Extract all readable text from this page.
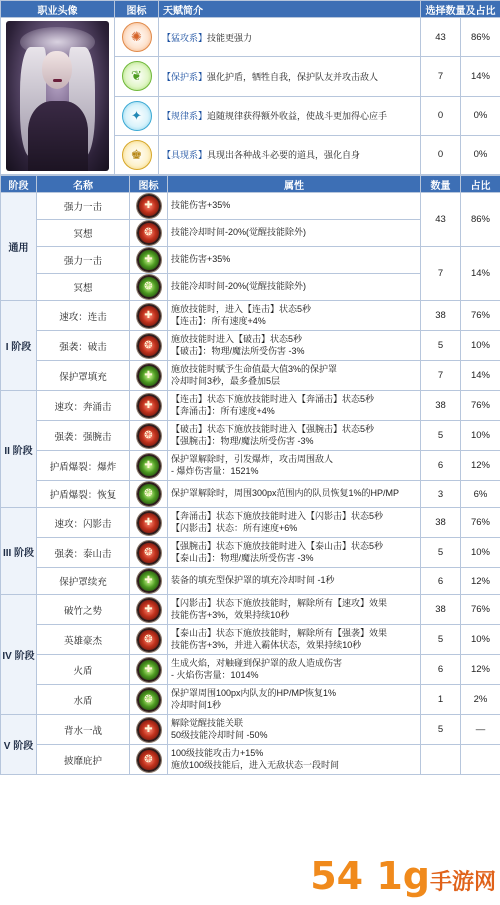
职业头像	图标	天赋简介	选择数量及占比	

	✺	【猛攻系】技能更强力	43	86%

	❦	【保护系】强化护盾，牺牲自我，保护队友并攻击敌人	7	14%

	✦	【规律系】追随规律获得额外收益，使战斗更加得心应手	0	0%

	♚	【具现系】具现出各种战斗必要的道具，强化自身	0	0%
阶段	名称	图标	属性	数量	占比
通用	强力一击	✚	技能伤害+35%	43	86%
	冥想	❂	技能冷却时间-20%(觉醒技能除外)		

	强力一击	✚	技能伤害+35%	7	14%
	冥想	❂	技能冷却时间-20%(觉醒技能除外)		

I 阶段	速攻：连击	✚	施放技能时，进入【连击】状态5秒
【连击】：所有速度+4%	38	76%
	强袭：破击	❂	施放技能时进入【破击】状态5秒
【破击】：物理/魔法所受伤害 -3%	5	10%
	保护罩填充	✚	施放技能时赋予生命值最大值3%的保护罩
冷却时间3秒，最多叠加5层	7	14%
II 阶段	速攻：奔涌击	✚	【连击】状态下施放技能时进入【奔涌击】状态5秒
【奔涌击】：所有速度+4%	38	76%
	强袭：强腕击	❂	【破击】状态下施放技能时进入【强腕击】状态5秒
【强腕击】：物理/魔法所受伤害 -3%	5	10%
	护盾爆裂：爆炸	✚	保护罩解除时，引发爆炸，攻击周围敌人
- 爆炸伤害量：1521%	6	12%
	护盾爆裂：恢复	❂	保护罩解除时，周围300px范围内的队员恢复1%的HP/MP	3	6%
III 阶段	速攻：闪影击	✚	【奔涌击】状态下施放技能时进入【闪影击】状态5秒
【闪影击】状态：所有速度+6%	38	76%
	强袭：泰山击	❂	【强腕击】状态下施放技能时进入【泰山击】状态5秒
【泰山击】：物理/魔法所受伤害 -3%	5	10%
	保护罩续充	✚	装备的填充型保护罩的填充冷却时间 -1秒	6	12%
IV 阶段	破竹之势	✚	【闪影击】状态下施放技能时，解除所有【速攻】效果
技能伤害+3%，效果持续10秒	38	76%
	英雄豪杰	❂	【泰山击】状态下施放技能时，解除所有【强袭】效果
技能伤害+3%，并进入霸体状态，效果持续10秒	5	10%
	火盾	✚	生成火焰，对触碰到保护罩的敌人造成伤害
- 火焰伤害量：1014%	6	12%
	水盾	❂	保护罩周围100px内队友的HP/MP恢复1%
冷却时间1秒	1	2%
V 阶段	背水一战	✚	解除觉醒技能关联
50级技能冷却时间 -50%	5	—
	披靡庇护	❂	100级技能攻击力+15%
施放100级技能后，进入无敌状态一段时间		

54 1g手游网
